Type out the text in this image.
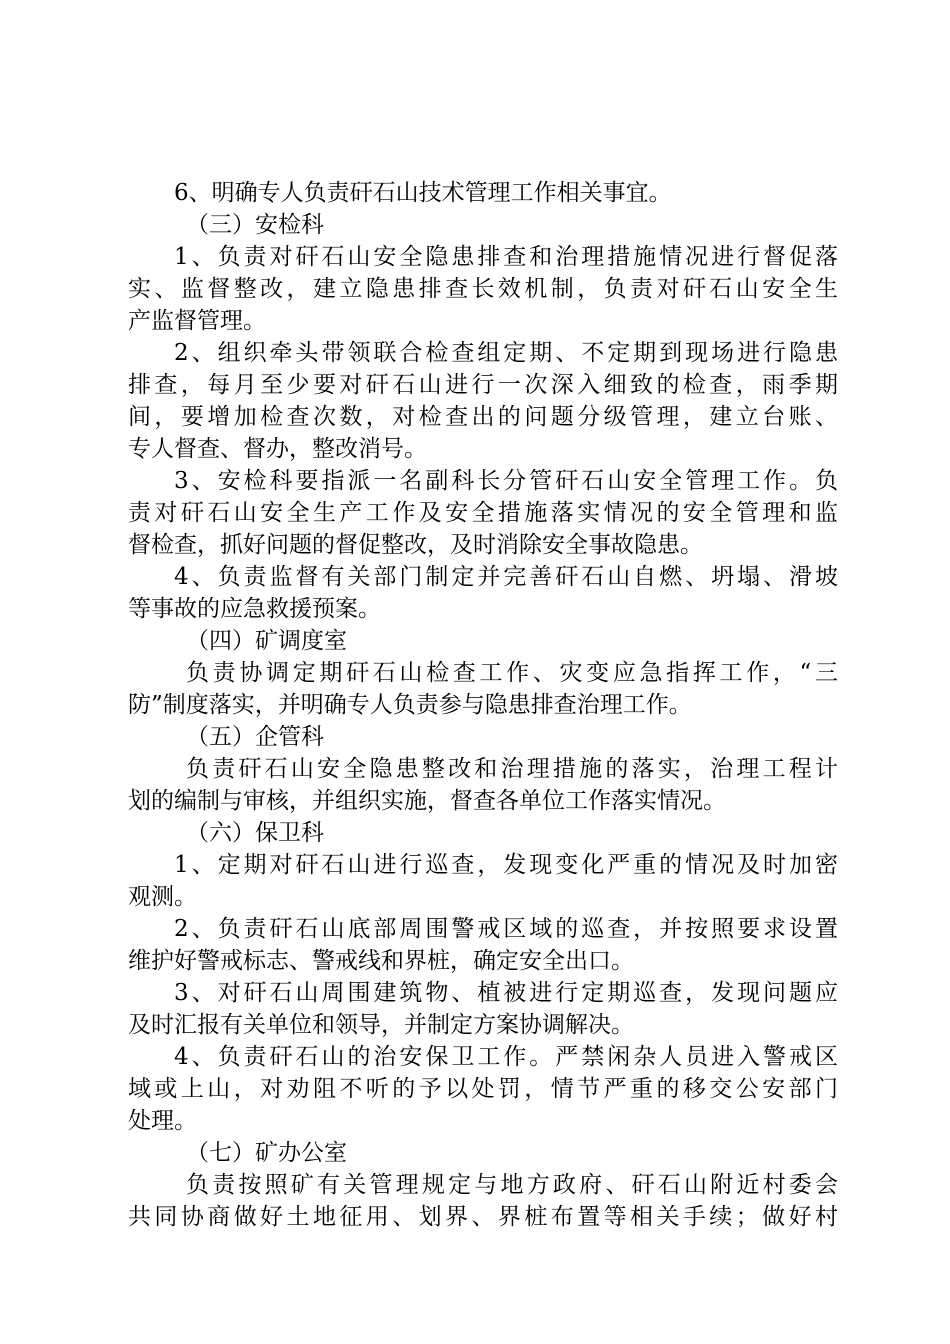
6、明确专人负责矸石山技术管理工作相关事宜。
（三）安检科
1、负责对矸石山安全隐患排查和治理措施情况进行督促落
实、监督整改，建立隐患排查长效机制，负责对矸石山安全生
产监督管理。
2、组织牵头带领联合检查组定期、不定期到现场进行隐患
排查，每月至少要对矸石山进行一次深入细致的检查，雨季期
间，要增加检查次数，对检查出的问题分级管理，建立台账、
专人督查、督办，整改消号。
3、安检科要指派一名副科长分管矸石山安全管理工作。负
责对矸石山安全生产工作及安全措施落实情况的安全管理和监
督检查，抓好问题的督促整改，及时消除安全事故隐患。
4、负责监督有关部门制定并完善矸石山自燃、坍塌、滑坡
等事故的应急救援预案。
（四）矿调度室
负责协调定期矸石山检查工作、灾变应急指挥工作，“三
防”制度落实，并明确专人负责参与隐患排查治理工作。
（五）企管科
负责矸石山安全隐患整改和治理措施的落实，治理工程计
划的编制与审核，并组织实施，督查各单位工作落实情况。
（六）保卫科
1、定期对矸石山进行巡查，发现变化严重的情况及时加密
观测。
2、负责矸石山底部周围警戒区域的巡查，并按照要求设置
维护好警戒标志、警戒线和界桩，确定安全出口。
3、对矸石山周围建筑物、植被进行定期巡查，发现问题应
及时汇报有关单位和领导，并制定方案协调解决。
4、负责矸石山的治安保卫工作。严禁闲杂人员进入警戒区
域或上山，对劝阻不听的予以处罚，情节严重的移交公安部门
处理。
（七）矿办公室
负责按照矿有关管理规定与地方政府、矸石山附近村委会
共同协商做好土地征用、划界、界桩布置等相关手续；做好村
